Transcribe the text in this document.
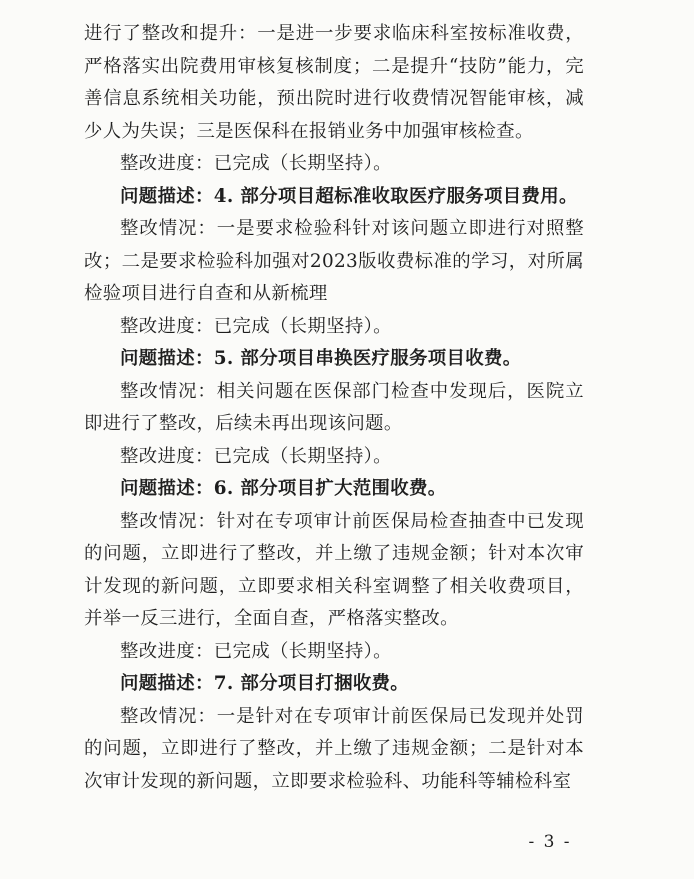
进行了整改和提升：一是进一步要求临床科室按标准收费，严格落实出院费用审核复核制度；二是提升“技防”能力，完善信息系统相关功能，预出院时进行收费情况智能审核，减少人为失误；三是医保科在报销业务中加强审核检查。

整改进度：已完成（长期坚持）。

问题描述：4. 部分项目超标准收取医疗服务项目费用。

整改情况：一是要求检验科针对该问题立即进行对照整改；二是要求检验科加强对2023版收费标准的学习，对所属检验项目进行自查和从新梳理

整改进度：已完成（长期坚持）。

问题描述：5. 部分项目串换医疗服务项目收费。

整改情况：相关问题在医保部门检查中发现后，医院立即进行了整改，后续未再出现该问题。

整改进度：已完成（长期坚持）。

问题描述：6. 部分项目扩大范围收费。

整改情况：针对在专项审计前医保局检查抽查中已发现的问题，立即进行了整改，并上缴了违规金额；针对本次审计发现的新问题，立即要求相关科室调整了相关收费项目，并举一反三进行，全面自查，严格落实整改。

整改进度：已完成（长期坚持）。

问题描述：7. 部分项目打捆收费。

整改情况：一是针对在专项审计前医保局已发现并处罚的问题，立即进行了整改，并上缴了违规金额；二是针对本次审计发现的新问题，立即要求检验科、功能科等辅检科室

- 3 -
